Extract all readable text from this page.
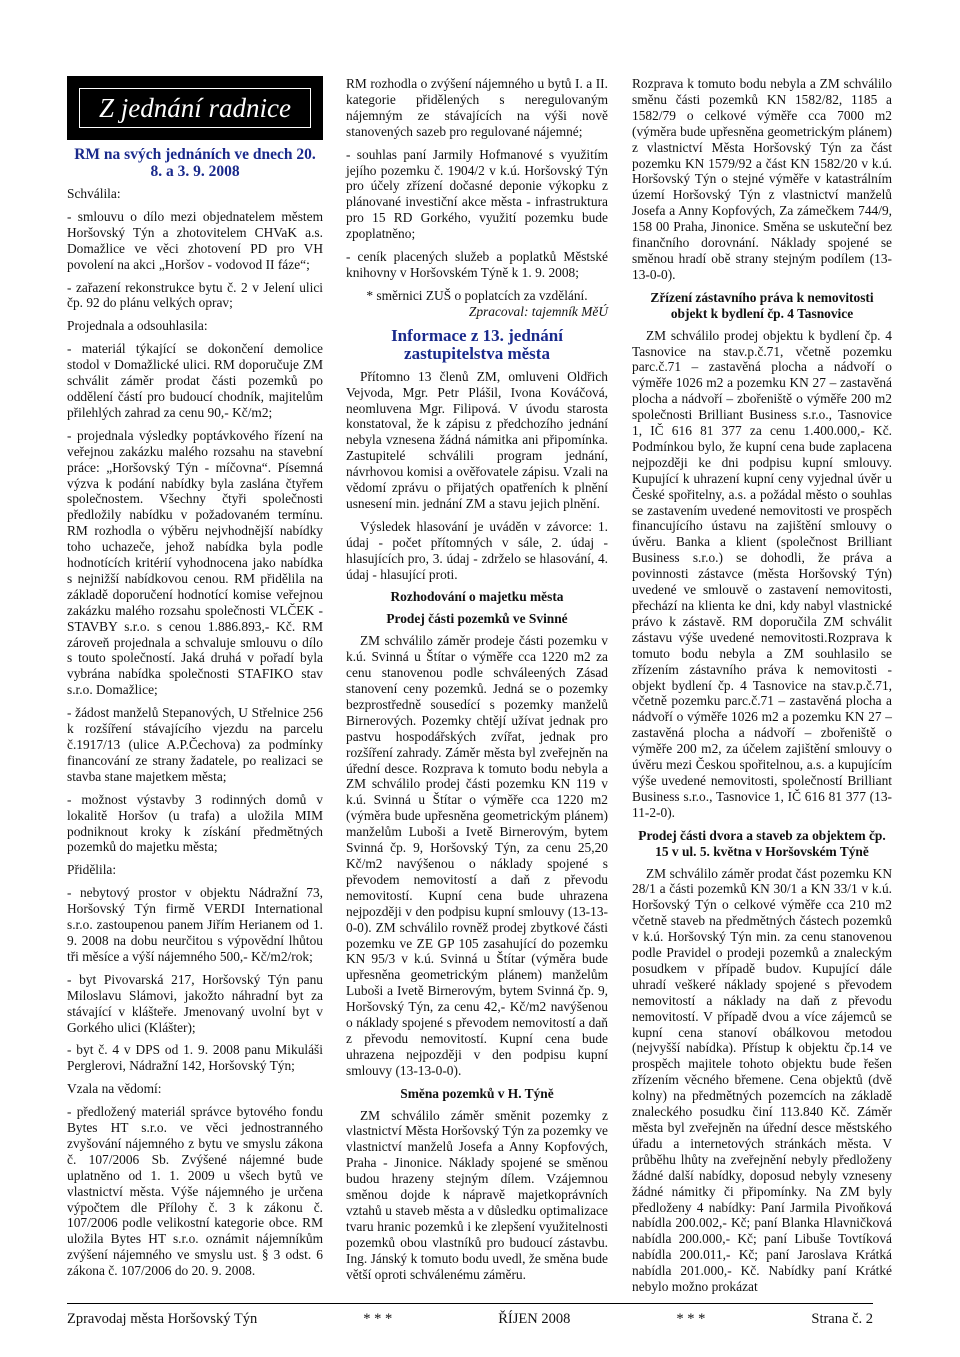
Z jednání radnice
RM na svých jednáních ve dnech 20. 8. a 3. 9. 2008

Schválila:

- smlouvu o dílo mezi objednatelem městem Horšovský Týn a zhotovitelem CHVaK a.s. Domažlice ve věci zhotovení PD pro VH povolení na akci „Horšov - vodovod II fáze“;

- zařazení rekonstrukce bytu č. 2 v Jelení ulici čp. 92 do plánu velkých oprav;

Projednala a odsouhlasila:

- materiál týkající se dokončení demolice stodol v Domažlické ulici. RM doporučuje ZM schválit záměr prodat části pozemků po oddělení částí pro budoucí chodník, majitelům přilehlých zahrad za cenu 90,- Kč/m2;

- projednala výsledky poptávkového řízení na veřejnou zakázku malého rozsahu na stavební práce: „Horšovský Týn - míčovna“. Písemná výzva k podání nabídky byla zaslána čtyřem společnostem. Všechny čtyři společnosti předložily nabídku v požadovaném termínu. RM rozhodla o výběru nejvhodnější nabídky toho uchazeče, jehož nabídka byla podle hodnotících kritérií vyhodnocena jako nabídka s nejnižší nabídkovou cenou. RM přidělila na základě doporučení hodnotící komise veřejnou zakázku malého rozsahu společnosti VLČEK - STAVBY s.r.o. s cenou 1.886.893,- Kč. RM zároveň projednala a schvaluje smlouvu o dílo s touto společností. Jaká druhá v pořadí byla vybrána nabídka společnosti STAFIKO stav s.r.o. Domažlice;

- žádost manželů Stepanových, U Střelnice 256 k rozšíření stávajícího vjezdu na parcelu č.1917/13 (ulice A.P.Čechova) za podmínky financování ze strany žadatele, po realizaci se stavba stane majetkem města;

- možnost výstavby 3 rodinných domů v lokalitě Horšov (u trafa) a uložila MIM podniknout kroky k získání předmětných pozemků do majetku města;

Přidělila:

- nebytový prostor v objektu Nádražní 73, Horšovský Týn firmě VERDI International s.r.o. zastoupenou panem Jiřím Herianem od 1. 9. 2008 na dobu neurčitou s výpovědní lhůtou tři měsíce a výší nájemného 500,- Kč/m2/rok;

- byt Pivovarská 217, Horšovský Týn panu Miloslavu Slámovi, jakožto náhradní byt za stávající v klášteře. Jmenovaný uvolní byt v Gorkého ulici (Klášter);

- byt č. 4 v DPS od 1. 9. 2008 panu Mikuláši Perglerovi, Nádražní 142, Horšovský Týn;

Vzala na vědomí:

- předložený materiál správce bytového fondu Bytes HT s.r.o. ve věci jednostranného zvyšování nájemného z bytu ve smyslu zákona č. 107/2006 Sb. Zvýšené nájemné bude uplatněno od 1. 1. 2009 u všech bytů ve vlastnictví města. Výše nájemného je určena výpočtem dle Přílohy č. 3 k zákonu č. 107/2006 podle velikostní kategorie obce. RM uložila Bytes HT s.r.o. oznámit nájemníkům zvýšení nájemného ve smyslu ust. § 3 odst. 6 zákona č. 107/2006 do 20. 9. 2008.

RM rozhodla o zvýšení nájemného u bytů I. a II. kategorie přidělených s neregulovaným nájemným ze stávajících na výši nově stanovených sazeb pro regulované nájemné;

- souhlas paní Jarmily Hofmanové s využitím jejího pozemku č. 1904/2 v k.ú. Horšovský Týn pro účely zřízení dočasné deponie výkopku z plánované investiční akce města - infrastruktura pro 15 RD Gorkého, využití pozemku bude zpoplatněno;

- ceník placených služeb a poplatků Městské knihovny v Horšovském Týně k 1. 9. 2008;

* směrnici ZUŠ o poplatcích za vzdělání.

Zpracoval: tajemník MěÚ

Informace z 13. jednání zastupitelstva města

Přítomno 13 členů ZM, omluveni Oldřich Vejvoda, Mgr. Petr Plášil, Ivona Kováčová, neomluvena Mgr. Filipová. V úvodu starosta konstatoval, že k zápisu z předchozího jednání nebyla vznesena žádná námitka ani připomínka. Zastupitelé schválili program jednání, návrhovou komisi a ověřovatele zápisu. Vzali na vědomí zprávu o přijatých opatřeních k plnění usnesení min. jednání ZM a stavu jejich plnění.

Výsledek hlasování je uváděn v závorce: 1. údaj - počet přítomných v sále, 2. údaj - hlasujících pro, 3. údaj - zdrželo se hlasování, 4. údaj - hlasující proti.

Rozhodování o majetku města
Prodej části pozemků ve Svinné

ZM schválilo záměr prodeje části pozemku v k.ú. Svinná u Štítar o výměře cca 1220 m2 za cenu stanovenou podle schváleených Zásad stanovení ceny pozemků. Jedná se o pozemky bezprostředně sousedící s pozemky manželů Birnerových. Pozemky chtějí užívat jednak pro pastvu hospodářských zvířat, jednak pro rozšíření zahrady. Záměr města byl zveřejněn na úřední desce. Rozprava k tomuto bodu nebyla a ZM schválilo prodej části pozemku KN 119 v k.ú. Svinná u Štítar o výměře cca 1220 m2 (výměra bude upřesněna geometrickým plánem) manželům Luboši a Ivetě Birnerovým, bytem Svinná čp. 9, Horšovský Týn, za cenu 25,20 Kč/m2 navýšenou o náklady spojené s převodem nemovitostí a daň z převodu nemovitostí. Kupní cena bude uhrazena nejpozději v den podpisu kupní smlouvy (13-13-0-0). ZM schválilo rovněž prodej zbytkové části pozemku ve ZE GP 105 zasahující do pozemku KN 95/3 v k.ú. Svinná u Štítar (výměra bude upřesněna geometrickým plánem) manželům Luboši a Ivetě Birnerovým, bytem Svinná čp. 9, Horšovský Týn, za cenu 42,- Kč/m2 navýšenou o náklady spojené s převodem nemovitostí a daň z převodu nemovitostí. Kupní cena bude uhrazena nejpozději v den podpisu kupní smlouvy (13-13-0-0).

Směna pozemků v H. Týně

ZM schválilo záměr směnit pozemky z vlastnictví Města Horšovský Týn za pozemky ve vlastnictví manželů Josefa a Anny Kopfových, Praha - Jinonice. Náklady spojené se směnou budou hrazeny stejným dílem. Vzájemnou směnou dojde k nápravě majetkoprávních vztahů u staveb města a v důsledku optimalizace tvaru hranic pozemků i ke zlepšení využitelnosti pozemků obou vlastníků pro budoucí zástavbu. Ing. Jánský k tomuto bodu uvedl, že směna bude větší oproti schválenému záměru.

Rozprava k tomuto bodu nebyla a ZM schválilo směnu části pozemků KN 1582/82, 1185 a 1582/79 o celkové výměře cca 7000 m2 (výměra bude upřesněna geometrickým plánem) z vlastnictví Města Horšovský Týn za část pozemku KN 1579/92 a část KN 1582/20 v k.ú. Horšovský Týn o stejné výměře v katastrálním území Horšovský Týn z vlastnictví manželů Josefa a Anny Kopfových, Za zámečkem 744/9, 158 00 Praha, Jinonice. Směna se uskuteční bez finančního dorovnání. Náklady spojené se směnou hradí obě strany stejným podílem (13-13-0-0).

Zřízení zástavního práva k nemovitosti objekt k bydlení čp. 4 Tasnovice

ZM schválilo prodej objektu k bydlení čp. 4 Tasnovice na stav.p.č.71, včetně pozemku parc.č.71 – zastavěná plocha a nádvoří o výměře 1026 m2 a pozemku KN 27 – zastavěná plocha a nádvoří – zbořeniště o výměře 200 m2 společnosti Brilliant Business s.r.o., Tasnovice 1, IČ 616 81 377 za cenu 1.400.000,- Kč. Podmínkou bylo, že kupní cena bude zaplacena nejpozději ke dni podpisu kupní smlouvy. Kupující k uhrazení kupní ceny vyjednal úvěr u České spořitelny, a.s. a požádal město o souhlas se zastavením uvedené nemovitosti ve prospěch financujícího ústavu na zajištění smlouvy o úvěru. Banka a klient (společnost Brilliant Business s.r.o.) se dohodli, že práva a povinnosti zástavce (města Horšovský Týn) uvedené ve smlouvě o zastavení nemovitosti, přechází na klienta ke dni, kdy nabyl vlastnické právo k zástavě. RM doporučila ZM schválit zástavu výše uvedené nemovitosti.Rozprava k tomuto bodu nebyla a ZM souhlasilo se zřízením zástavního práva k nemovitosti - objekt bydlení čp. 4 Tasnovice na stav.p.č.71, včetně pozemku parc.č.71 – zastavěná plocha a nádvoří o výměře 1026 m2 a pozemku KN 27 – zastavěná plocha a nádvoří – zbořeniště o výměře 200 m2, za účelem zajištění smlouvy o úvěru mezi Českou spořitelnou, a.s. a kupujícím výše uvedené nemovitosti, společností Brilliant Business s.r.o., Tasnovice 1, IČ 616 81 377 (13-11-2-0).

Prodej části dvora a staveb za objektem čp. 15 v ul. 5. května v Horšovském Týně

ZM schválilo záměr prodat část pozemku KN 28/1 a části pozemků KN 30/1 a KN 33/1 v k.ú. Horšovský Týn o celkové výměře cca 210 m2 včetně staveb na předmětných částech pozemků v k.ú. Horšovský Týn min. za cenu stanovenou podle Pravidel o prodeji pozemků a znaleckým posudkem v případě budov. Kupující dále uhradí veškeré náklady spojené s převodem nemovitostí a náklady na daň z převodu nemovitostí. V případě dvou a více zájemců se kupní cena stanoví obálkovou metodou (nejvyšší nabídka). Přístup k objektu čp.14 ve prospěch majitele tohoto objektu bude řešen zřízením věcného břemene. Cena objektů (dvě kolny) na předmětných pozemcích na základě znaleckého posudku činí 113.840 Kč. Záměr města byl zveřejněn na úřední desce městského úřadu a internetových stránkách města. V průběhu lhůty na zveřejnění nebyly předloženy žádné další nabídky, doposud nebyly vzneseny žádné námitky či připomínky. Na ZM byly předloženy 4 nabídky: Paní Jarmila Pivoňková nabídla 200.002,- Kč; paní Blanka Hlavničková nabídla 200.000,- Kč; paní Libuše Tovtíková nabídla 200.011,- Kč; paní Jaroslava Krátká nabídla 201.000,- Kč. Nabídky paní Krátké nebylo možno prokázat

Zpravodaj města Horšovský Týn	* * *	ŘÍJEN 2008	* * *	Strana č. 2
